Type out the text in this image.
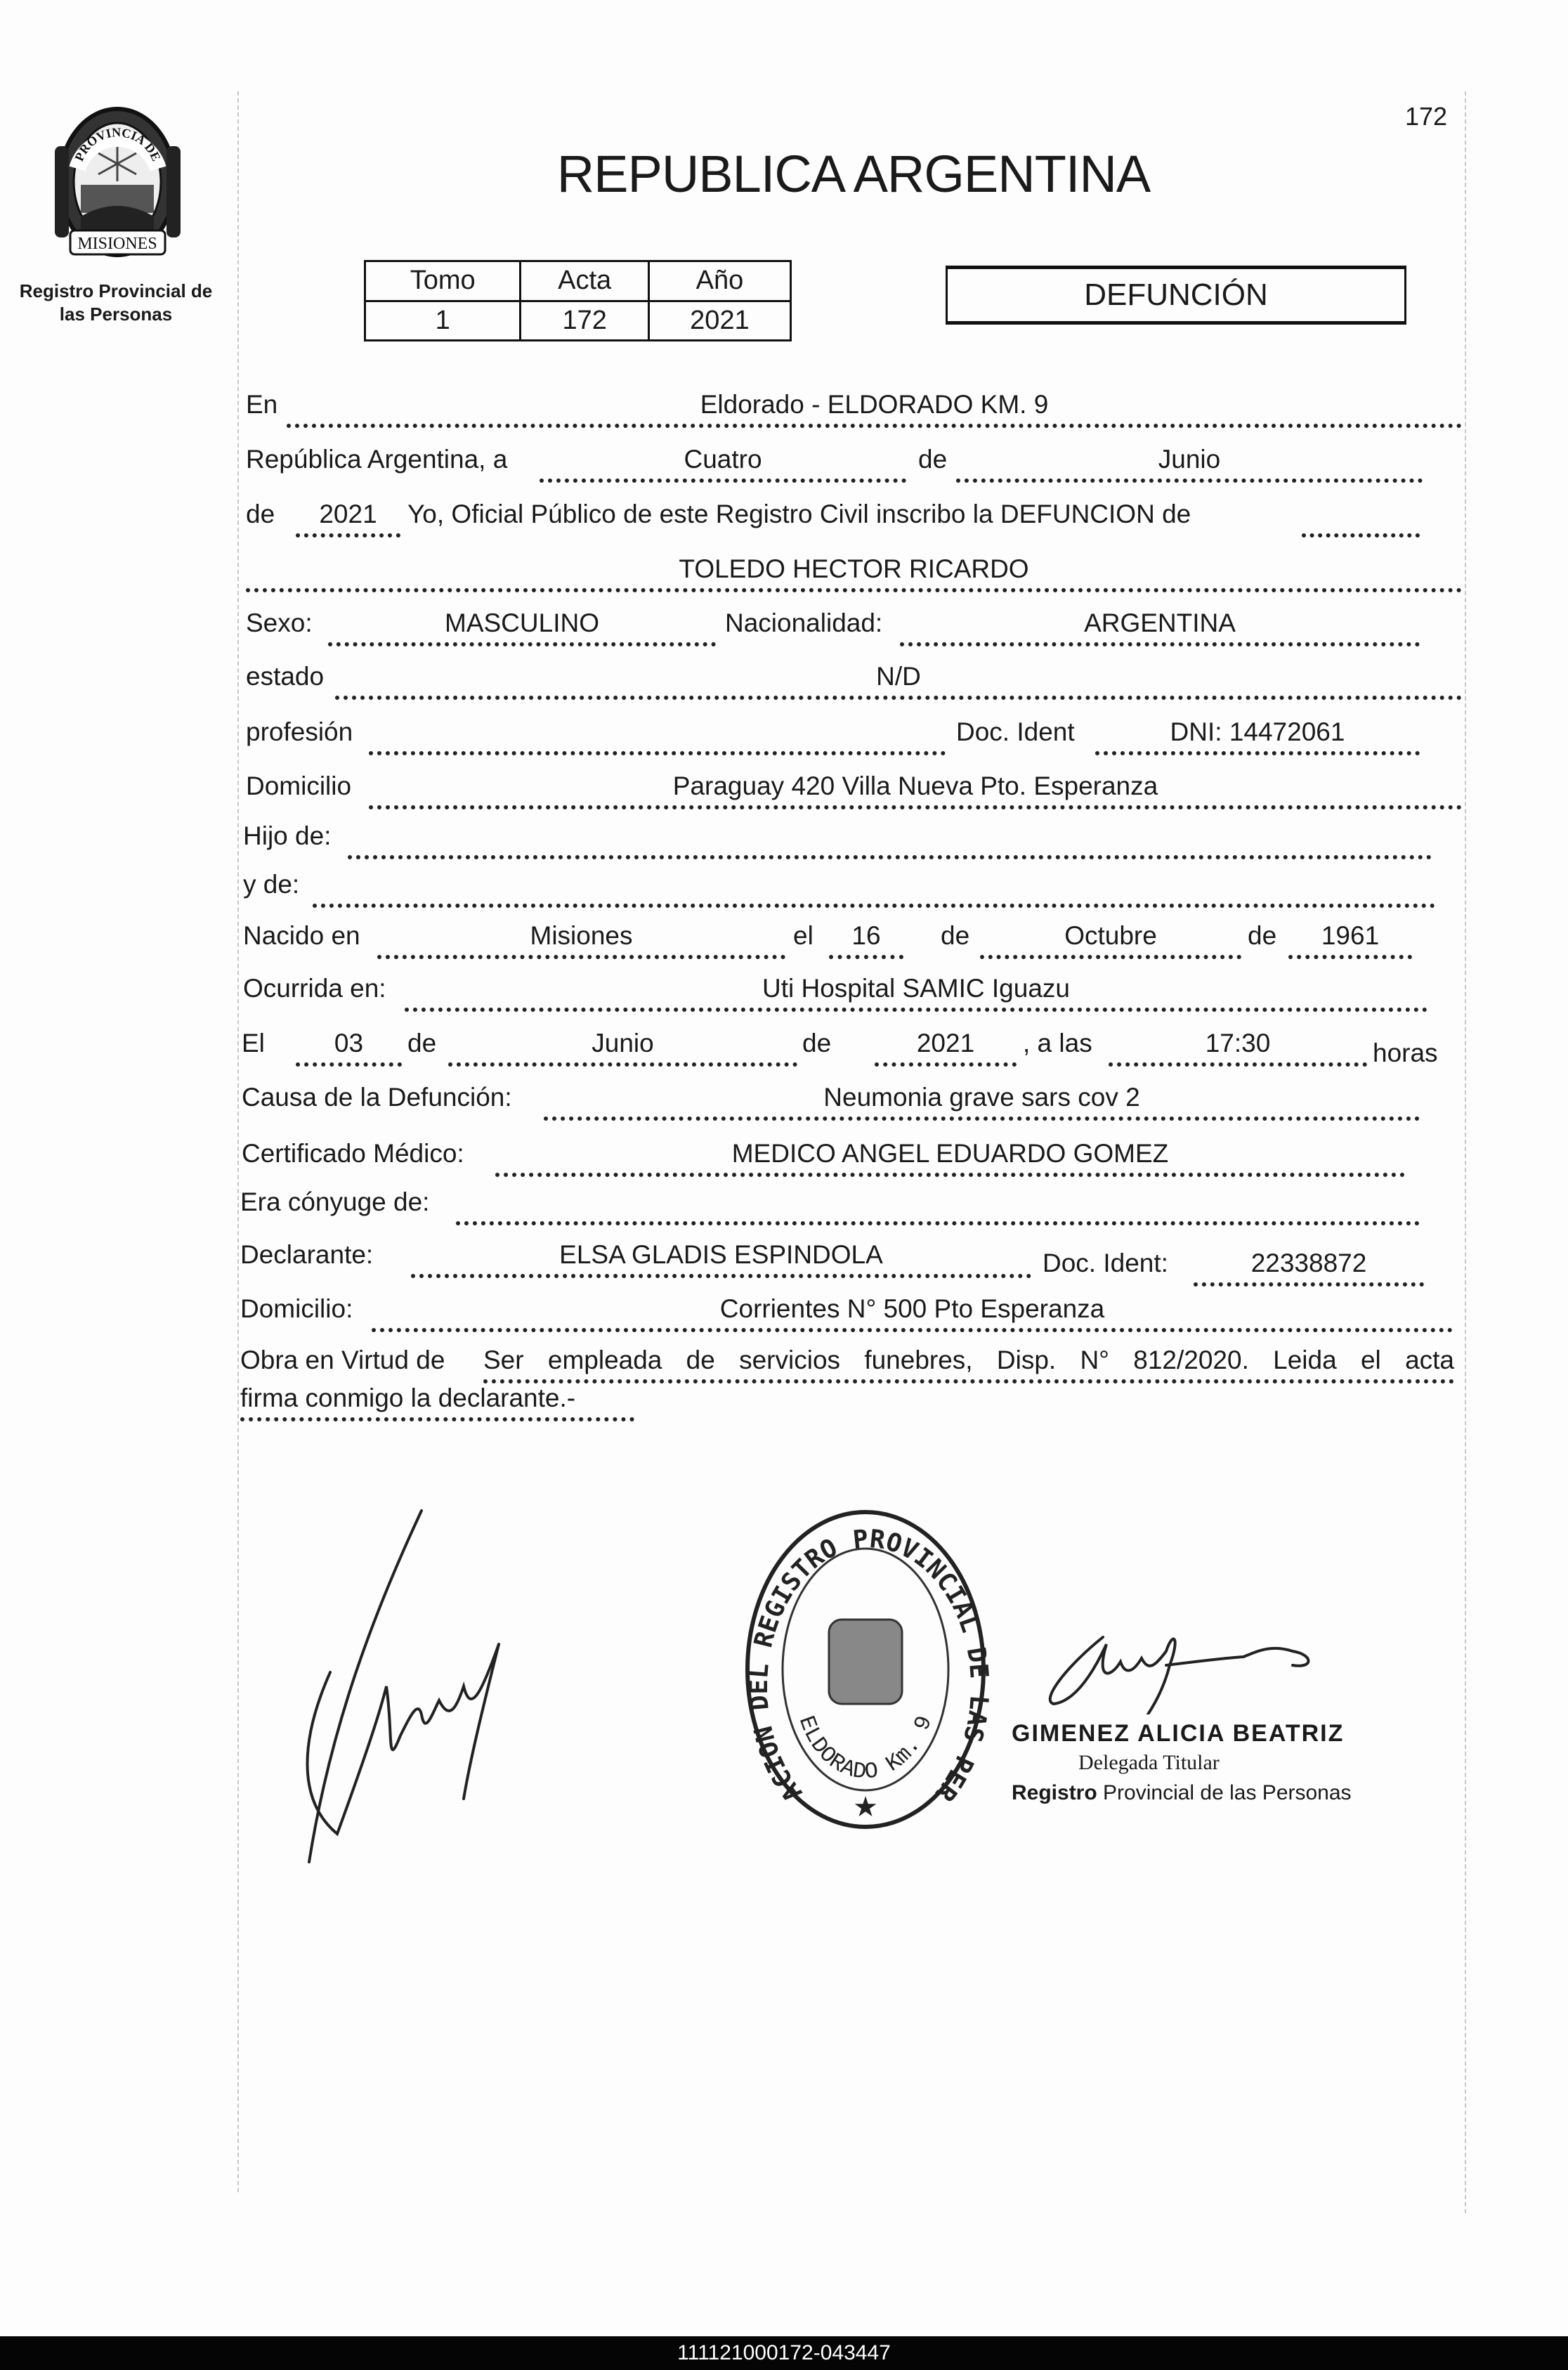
MISIONES
PROVINCIA DE
Registro Provincial de
las Personas
172
REPUBLICA ARGENTINA
Tomo	Acta	Año
1	172	2021
DEFUNCIÓN
En	Eldorado - ELDORADO KM. 9
República Argentina, a	Cuatro	de	Junio
de	2021	Yo, Oficial Público de este Registro Civil inscribo la DEFUNCION de
TOLEDO HECTOR RICARDO
Sexo:	MASCULINO	Nacionalidad:	ARGENTINA
estado	N/D
profesión	Doc. Ident	DNI: 14472061
Domicilio	Paraguay 420 Villa Nueva Pto. Esperanza
Hijo de:
y de:
Nacido en	Misiones	el	16	de	Octubre	de	1961
Ocurrida en:	Uti Hospital SAMIC Iguazu
El	03	de	Junio	de	2021	, a las	17:30	horas
Causa de la Defunción:	Neumonia grave sars cov 2
Certificado Médico:	MEDICO ANGEL EDUARDO GOMEZ
Era cónyuge de:
Declarante:	ELSA GLADIS ESPINDOLA	Doc. Ident:	22338872
Domicilio:	Corrientes N° 500 Pto Esperanza
Obra en Virtud de Ser empleada de servicios funebres, Disp. N° 812/2020. Leida el acta
firma conmigo la declarante.-
ACION DEL REGISTRO PROVINCIAL DE LAS PER
ELDORADO Km. 9
★
GIMENEZ ALICIA BEATRIZ
Delegada Titular
Registro Provincial de las Personas
111121000172-043447
